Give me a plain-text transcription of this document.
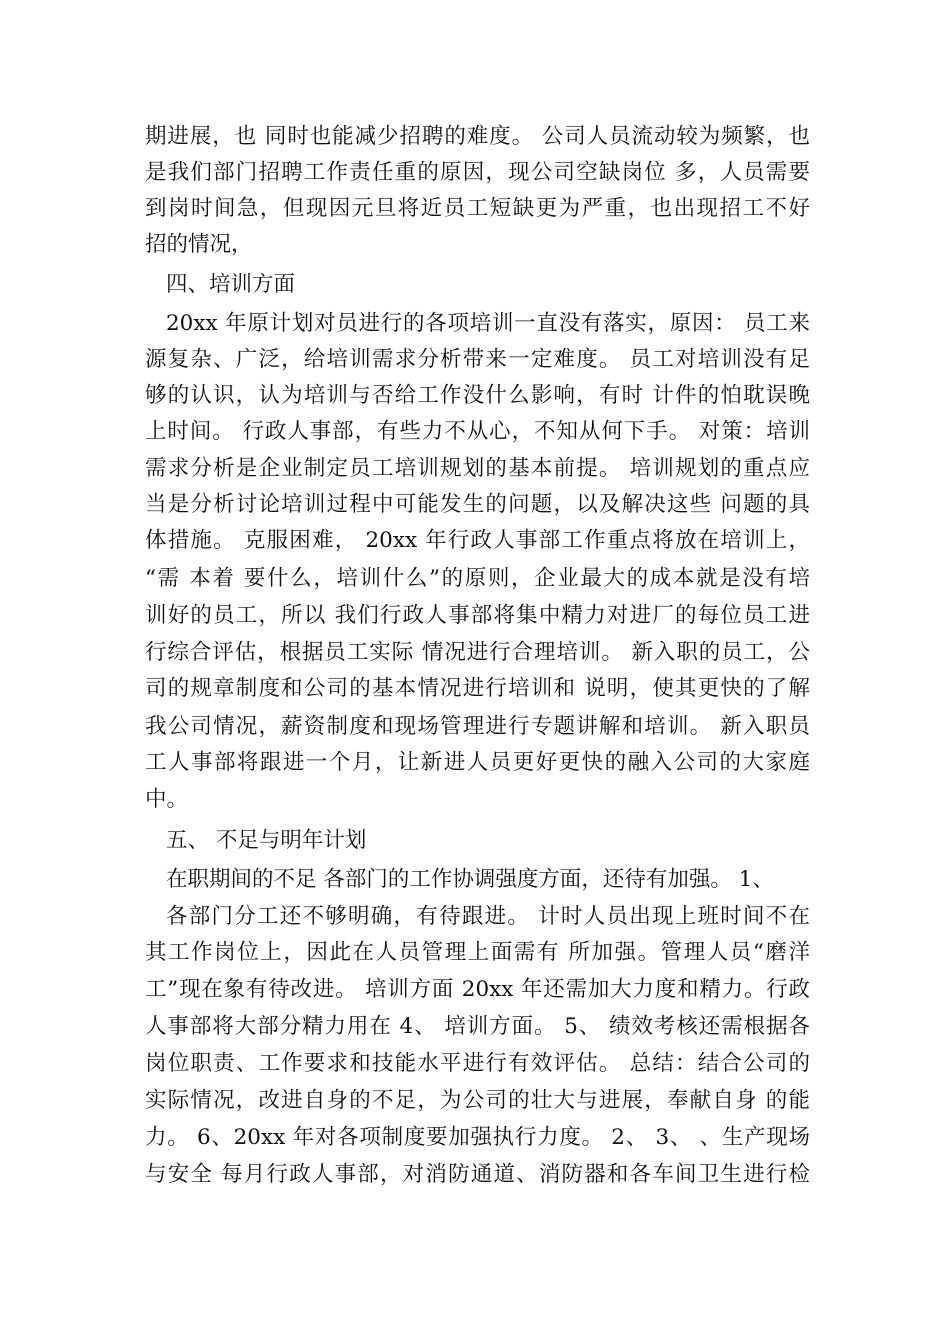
期进展，也 同时也能减少招聘的难度。 公司人员流动较为频繁，也
是我们部门招聘工作责任重的原因，现公司空缺岗位 多，人员需要
到岗时间急，但现因元旦将近员工短缺更为严重，也出现招工不好
招的情况，
四、培训方面
20xx 年原计划对员进行的各项培训一直没有落实，原因： 员工来
源复杂、广泛，给培训需求分析带来一定难度。 员工对培训没有足
够的认识，认为培训与否给工作没什么影响，有时 计件的怕耽误晚
上时间。 行政人事部，有些力不从心，不知从何下手。 对策：培训
需求分析是企业制定员工培训规划的基本前提。 培训规划的重点应
当是分析讨论培训过程中可能发生的问题，以及解决这些 问题的具
体措施。 克服困难， 20xx 年行政人事部工作重点将放在培训上，
“需 本着 要什么，培训什么”的原则，企业最大的成本就是没有培
训好的员工，所以 我们行政人事部将集中精力对进厂的每位员工进
行综合评估，根据员工实际 情况进行合理培训。 新入职的员工，公
司的规章制度和公司的基本情况进行培训和 说明，使其更快的了解
我公司情况，薪资制度和现场管理进行专题讲解和培训。 新入职员
工人事部将跟进一个月，让新进人员更好更快的融入公司的大家庭
中。
五、 不足与明年计划
在职期间的不足 各部门的工作协调强度方面，还待有加强。 1、
各部门分工还不够明确，有待跟进。 计时人员出现上班时间不在
其工作岗位上，因此在人员管理上面需有 所加强。管理人员“磨洋
工”现在象有待改进。 培训方面 20xx 年还需加大力度和精力。行政
人事部将大部分精力用在 4、 培训方面。 5、 绩效考核还需根据各
岗位职责、工作要求和技能水平进行有效评估。 总结：结合公司的
实际情况，改进自身的不足，为公司的壮大与进展，奉献自身 的能
力。 6、20xx 年对各项制度要加强执行力度。 2、 3、 、生产现场
与安全 每月行政人事部，对消防通道、消防器和各车间卫生进行检
